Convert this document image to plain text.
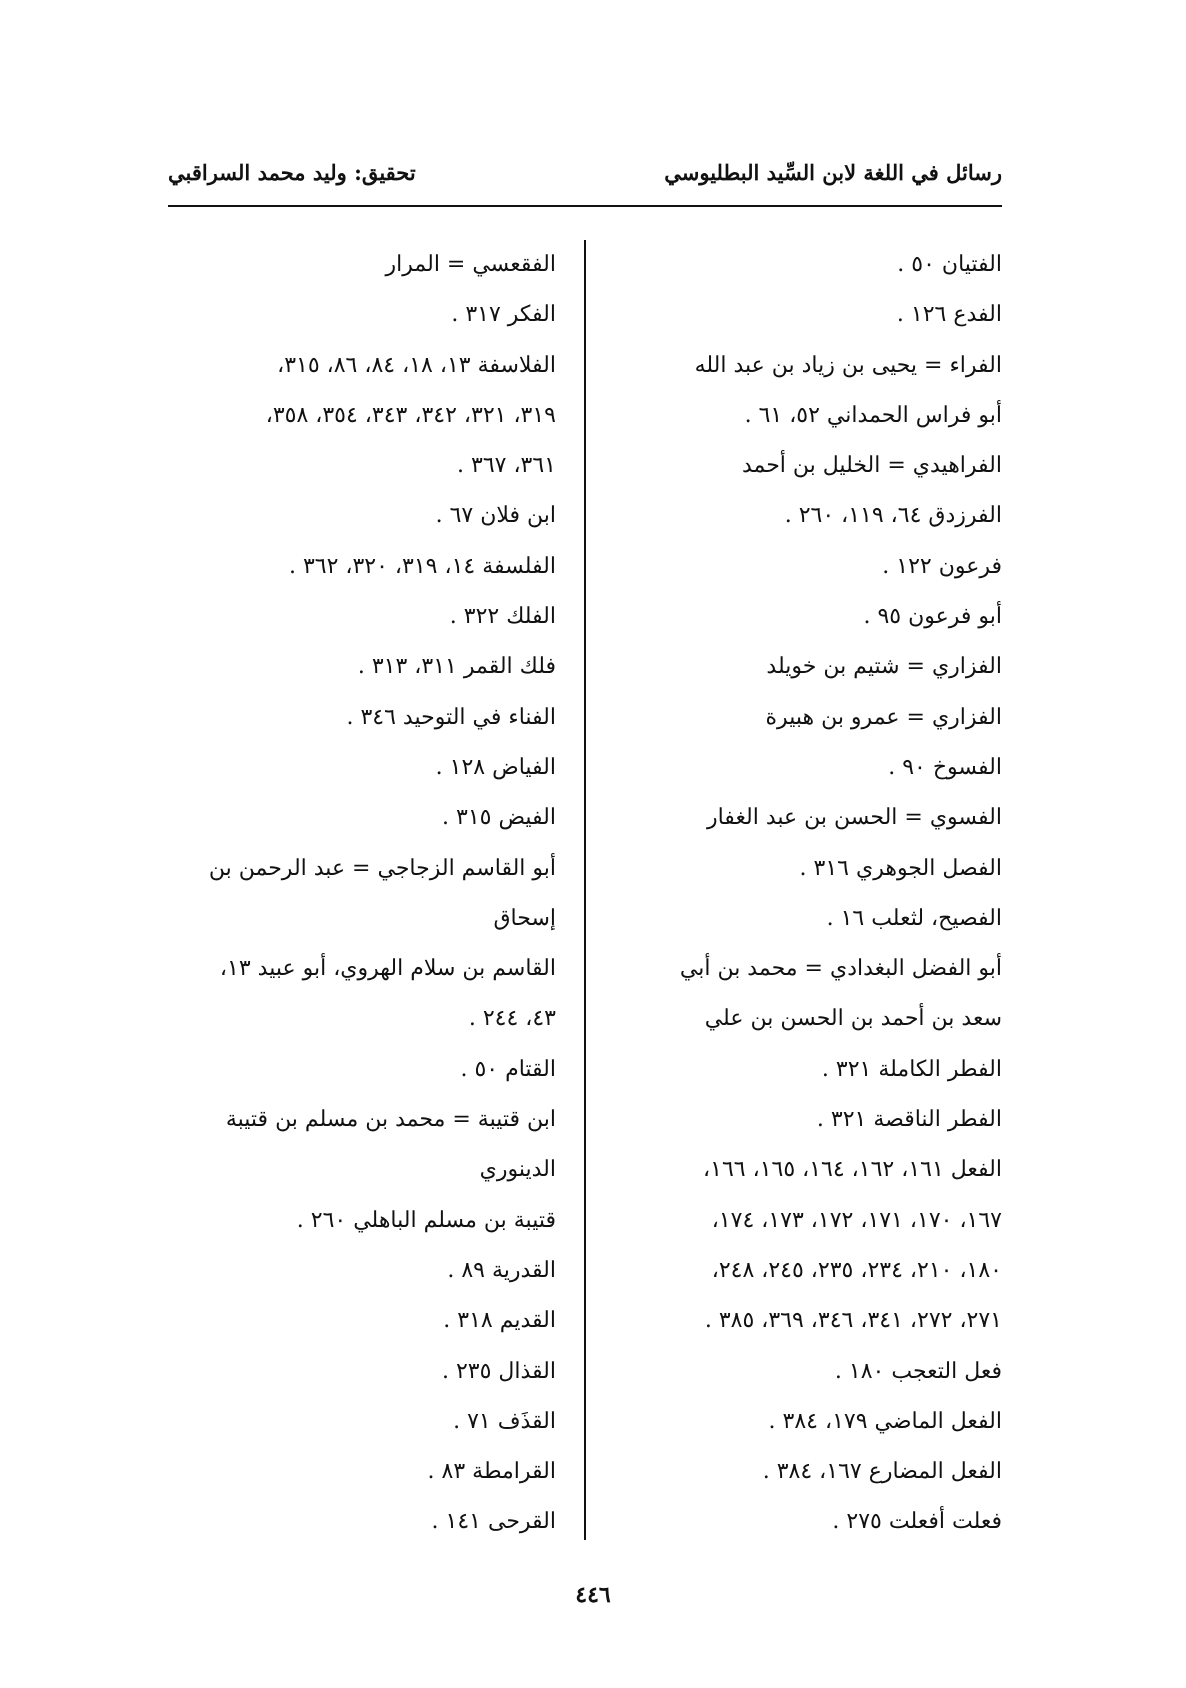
رسائل في اللغة لابن السِّيد البطليوسي
تحقيق: وليد محمد السراقبي
الفتيان ٥٠ .
الفدع ١٢٦ .
الفراء = يحيى بن زياد بن عبد الله
أبو فراس الحمداني ٥٢، ٦١ .
الفراهيدي = الخليل بن أحمد
الفرزدق ٦٤، ١١٩، ٢٦٠ .
فرعون ١٢٢ .
أبو فرعون ٩٥ .
الفزاري = شتيم بن خويلد
الفزاري = عمرو بن هبيرة
الفسوخ ٩٠ .
الفسوي = الحسن بن عبد الغفار
الفصل الجوهري ٣١٦ .
الفصيح، لثعلب ١٦ .
أبو الفضل البغدادي = محمد بن أبي
سعد بن أحمد بن الحسن بن علي
الفطر الكاملة ٣٢١ .
الفطر الناقصة ٣٢١ .
الفعل ١٦١، ١٦٢، ١٦٤، ١٦٥، ١٦٦،
١٦٧، ١٧٠، ١٧١، ١٧٢، ١٧٣، ١٧٤،
١٨٠، ٢١٠، ٢٣٤، ٢٣٥، ٢٤٥، ٢٤٨،
٢٧١، ٢٧٢، ٣٤١، ٣٤٦، ٣٦٩، ٣٨٥ .
فعل التعجب ١٨٠ .
الفعل الماضي ١٧٩، ٣٨٤ .
الفعل المضارع ١٦٧، ٣٨٤ .
فعلت أفعلت ٢٧٥ .
الفقعسي = المرار
الفكر ٣١٧ .
الفلاسفة ١٣، ١٨، ٨٤، ٨٦، ٣١٥،
٣١٩، ٣٢١، ٣٤٢، ٣٤٣، ٣٥٤، ٣٥٨،
٣٦١، ٣٦٧ .
ابن فلان ٦٧ .
الفلسفة ١٤، ٣١٩، ٣٢٠، ٣٦٢ .
الفلك ٣٢٢ .
فلك القمر ٣١١، ٣١٣ .
الفناء في التوحيد ٣٤٦ .
الفياض ١٢٨ .
الفيض ٣١٥ .
أبو القاسم الزجاجي = عبد الرحمن بن
إسحاق
القاسم بن سلام الهروي، أبو عبيد ١٣،
٤٣، ٢٤٤ .
القتام ٥٠ .
ابن قتيبة = محمد بن مسلم بن قتيبة
الدينوري
قتيبة بن مسلم الباهلي ٢٦٠ .
القدرية ٨٩ .
القديم ٣١٨ .
القذال ٢٣٥ .
القذَف ٧١ .
القرامطة ٨٣ .
القرحى ١٤١ .
٤٤٦
